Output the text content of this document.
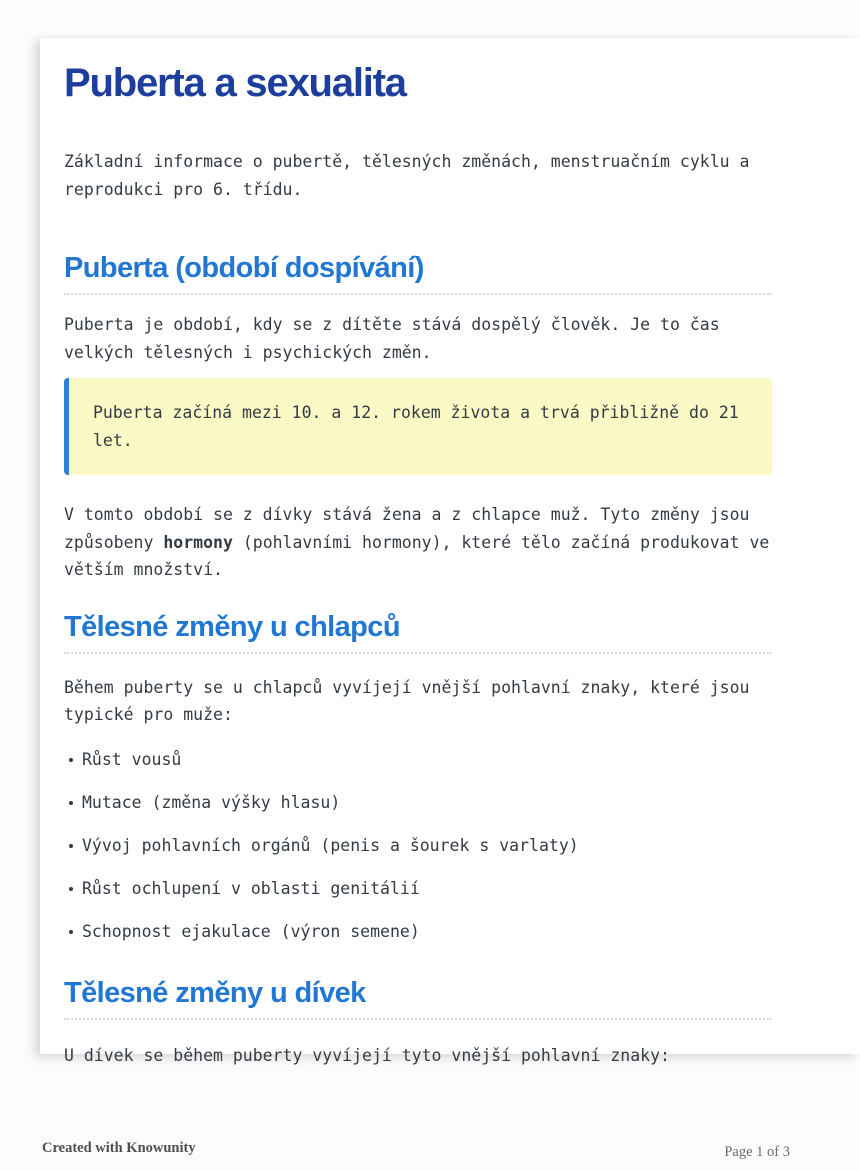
Puberta a sexualita

Základní informace o pubertě, tělesných změnách, menstruačním cyklu a reprodukci pro 6. třídu.

Puberta (období dospívání)

Puberta je období, kdy se z dítěte stává dospělý člověk. Je to čas velkých tělesných i psychických změn.

Puberta začíná mezi 10. a 12. rokem života a trvá přibližně do 21 let.

V tomto období se z dívky stává žena a z chlapce muž. Tyto změny jsou způsobeny hormony (pohlavními hormony), které tělo začíná produkovat ve větším množství.

Tělesné změny u chlapců

Během puberty se u chlapců vyvíjejí vnější pohlavní znaky, které jsou typické pro muže:

Růst vousů
Mutace (změna výšky hlasu)
Vývoj pohlavních orgánů (penis a šourek s varlaty)
Růst ochlupení v oblasti genitálií
Schopnost ejakulace (výron semene)
Tělesné změny u dívek

U dívek se během puberty vyvíjejí tyto vnější pohlavní znaky:

Created with Knowunity	Page 1 of 3
